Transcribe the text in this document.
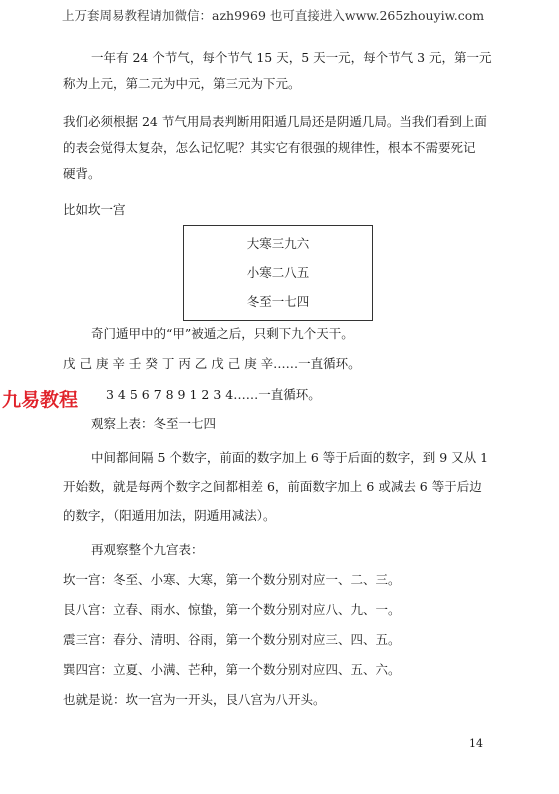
上万套周易教程请加微信：azh9969 也可直接进入www.265zhouyiw.com
一年有 24 个节气，每个节气 15 天，5 天一元，每个节气 3 元，第一元
称为上元，第二元为中元，第三元为下元。
我们必须根据 24 节气用局表判断用阳遁几局还是阴遁几局。当我们看到上面
的表会觉得太复杂，怎么记忆呢？其实它有很强的规律性，根本不需要死记
硬背。
比如坎一宫
大寒三九六
小寒二八五
冬至一七四
奇门遁甲中的“甲”被遁之后，只剩下九个天干。
戊 己 庚 辛 壬 癸 丁 丙 乙 戊 己 庚 辛……一直循环。
九易教程 3 4 5 6 7 8 9 1 2 3 4……一直循环。
观察上表：冬至一七四
中间都间隔 5 个数字，前面的数字加上 6 等于后面的数字，到 9 又从 1
开始数，就是每两个数字之间都相差 6，前面数字加上 6 或减去 6 等于后边
的数字，（阳遁用加法，阴遁用减法）。
再观察整个九宫表：
坎一宫：冬至、小寒、大寒，第一个数分别对应一、二、三。
艮八宫：立春、雨水、惊蛰，第一个数分别对应八、九、一。
震三宫：春分、清明、谷雨，第一个数分别对应三、四、五。
巽四宫：立夏、小满、芒种，第一个数分别对应四、五、六。
也就是说：坎一宫为一开头，艮八宫为八开头。
14
